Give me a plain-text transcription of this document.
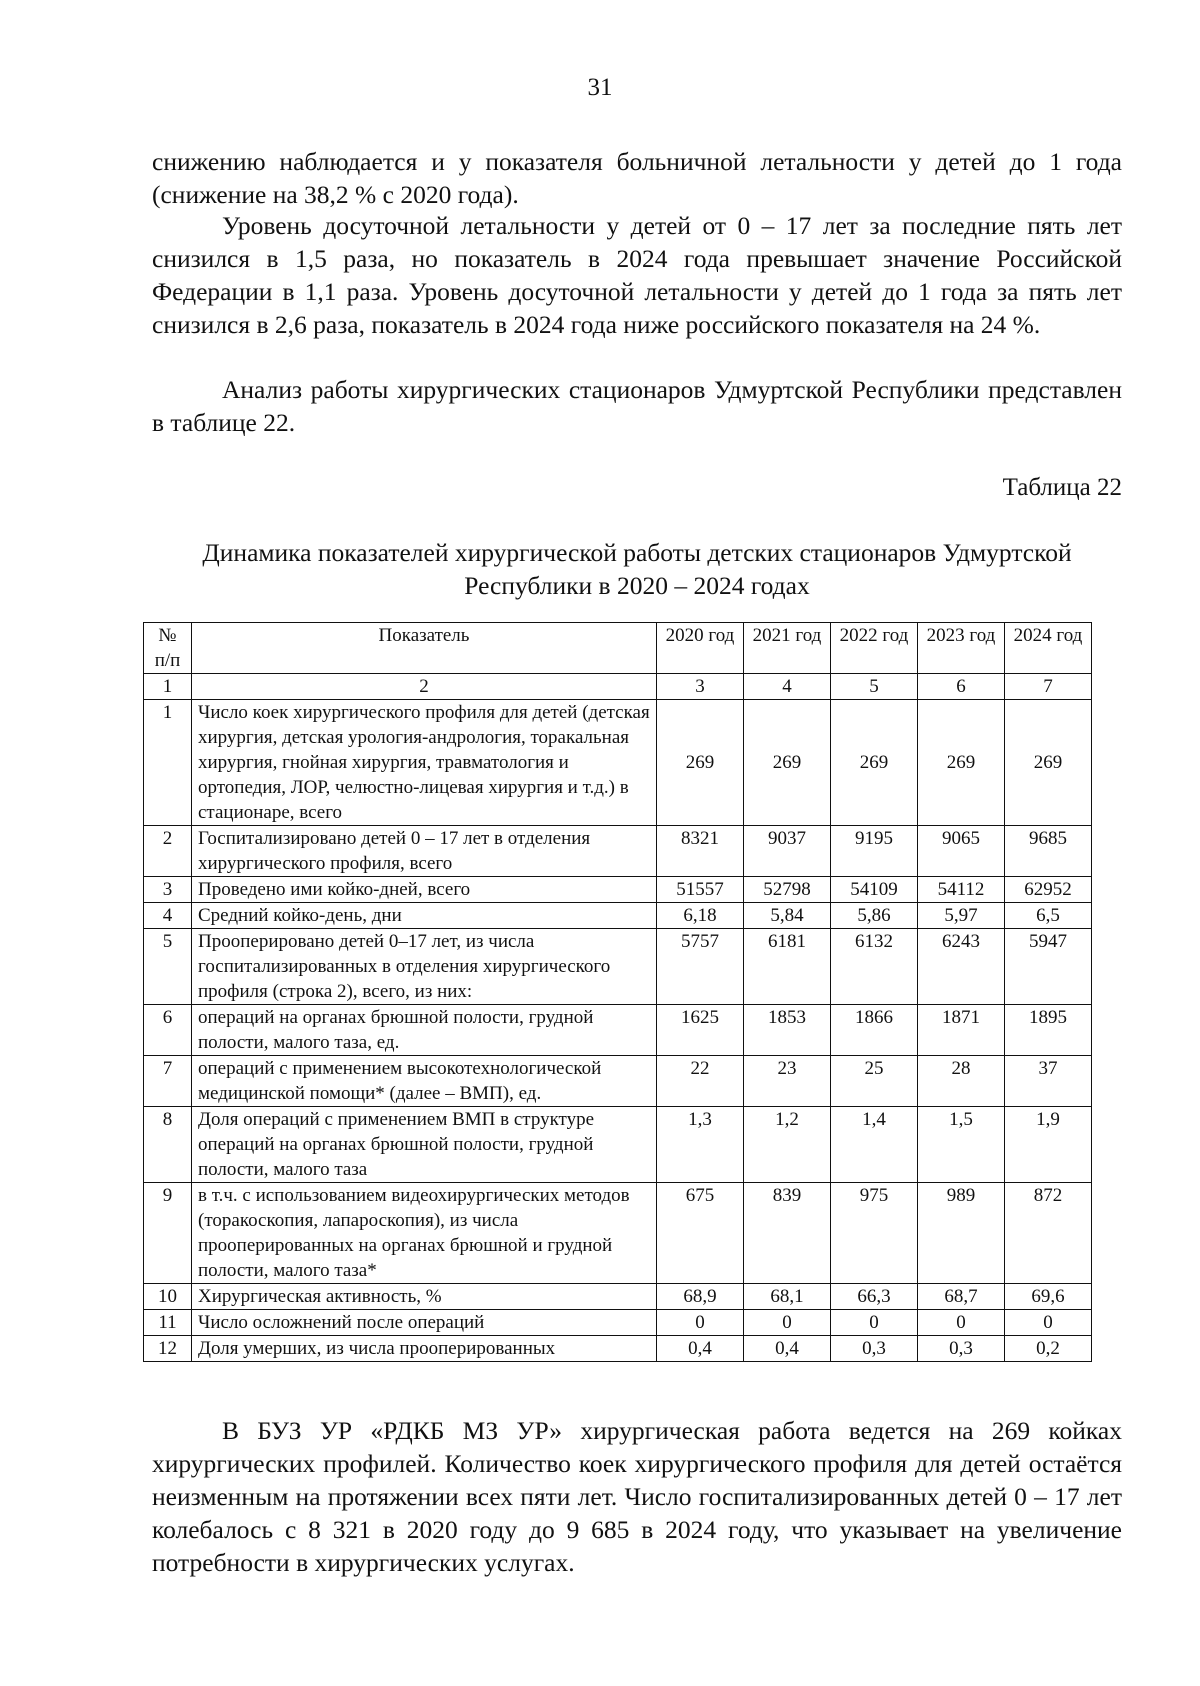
31

снижению наблюдается и у показателя больничной летальности у детей до 1 года (снижение на 38,2 % с 2020 года).

Уровень досуточной летальности у детей от 0 – 17 лет за последние пять лет снизился в 1,5 раза, но показатель в 2024 года превышает значение Российской Федерации в 1,1 раза. Уровень досуточной летальности у детей до 1 года за пять лет снизился в 2,6 раза, показатель в 2024 года ниже российского показателя на 24 %.

Анализ работы хирургических стационаров Удмуртской Республики представлен в таблице 22.

Таблица 22
Динамика показателей хирургической работы детских стационаров Удмуртской Республики в 2020 – 2024 годах
№ п/п	Показатель	2020 год	2021 год	2022 год	2023 год	2024 год
1	2	3	4	5	6	7
1	Число коек хирургического профиля для детей (детская хирургия, детская урология-андрология, торакальная хирургия, гнойная хирургия, травматология и ортопедия, ЛОР, челюстно-лицевая хирургия и т.д.) в стационаре, всего	269	269	269	269	269
2	Госпитализировано детей 0 – 17 лет в отделения хирургического профиля, всего	8321	9037	9195	9065	9685
3	Проведено ими койко-дней, всего	51557	52798	54109	54112	62952
4	Средний койко-день, дни	6,18	5,84	5,86	5,97	6,5
5	Прооперировано детей 0–17 лет, из числа госпитализированных в отделения хирургического профиля (строка 2), всего, из них:	5757	6181	6132	6243	5947
6	операций на органах брюшной полости, грудной полости, малого таза, ед.	1625	1853	1866	1871	1895
7	операций с применением высокотехнологической медицинской помощи* (далее – ВМП), ед.	22	23	25	28	37
8	Доля операций с применением ВМП в структуре операций на органах брюшной полости, грудной полости, малого таза	1,3	1,2	1,4	1,5	1,9
9	в т.ч. с использованием видеохирургических методов (торакоскопия, лапароскопия), из числа прооперированных на органах брюшной и грудной полости, малого таза*	675	839	975	989	872
10	Хирургическая активность, %	68,9	68,1	66,3	68,7	69,6
11	Число осложнений после операций	0	0	0	0	0
12	Доля умерших, из числа прооперированных	0,4	0,4	0,3	0,3	0,2

В БУЗ УР «РДКБ МЗ УР» хирургическая работа ведется на 269 койках хирургических профилей. Количество коек хирургического профиля для детей остаётся неизменным на протяжении всех пяти лет. Число госпитализированных детей 0 – 17 лет колебалось с 8 321 в 2020 году до 9 685 в 2024 году, что указывает на увеличение потребности в хирургических услугах.
